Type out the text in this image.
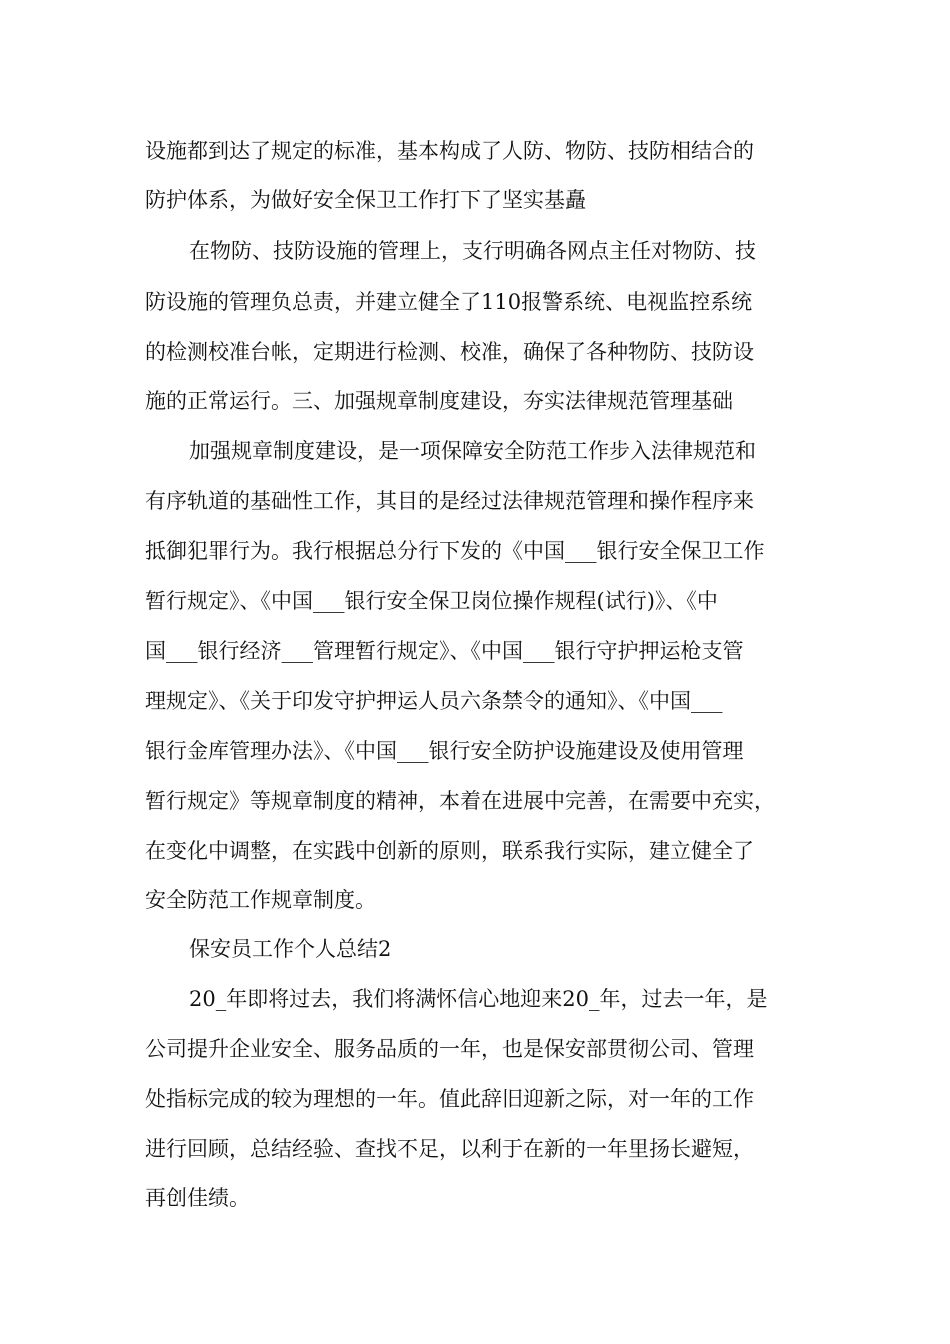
设施都到达了规定的标准，基本构成了人防、物防、技防相结合的
防护体系，为做好安全保卫工作打下了坚实基矗
在物防、技防设施的管理上，支行明确各网点主任对物防、技
防设施的管理负总责，并建立健全了110报警系统、电视监控系统
的检测校准台帐，定期进行检测、校准，确保了各种物防、技防设
施的正常运行。三、加强规章制度建设，夯实法律规范管理基础
加强规章制度建设，是一项保障安全防范工作步入法律规范和
有序轨道的基础性工作，其目的是经过法律规范管理和操作程序来
抵御犯罪行为。我行根据总分行下发的《中国___银行安全保卫工作
暂行规定》、《中国___银行安全保卫岗位操作规程(试行)》、《中
国___银行经济___管理暂行规定》、《中国___银行守护押运枪支管
理规定》、《关于印发守护押运人员六条禁令的通知》、《中国___
银行金库管理办法》、《中国___银行安全防护设施建设及使用管理
暂行规定》等规章制度的精神，本着在进展中完善，在需要中充实，
在变化中调整，在实践中创新的原则，联系我行实际，建立健全了
安全防范工作规章制度。
保安员工作个人总结2
20_年即将过去，我们将满怀信心地迎来20_年，过去一年，是
公司提升企业安全、服务品质的一年，也是保安部贯彻公司、管理
处指标完成的较为理想的一年。值此辞旧迎新之际，对一年的工作
进行回顾，总结经验、查找不足，以利于在新的一年里扬长避短，
再创佳绩。
